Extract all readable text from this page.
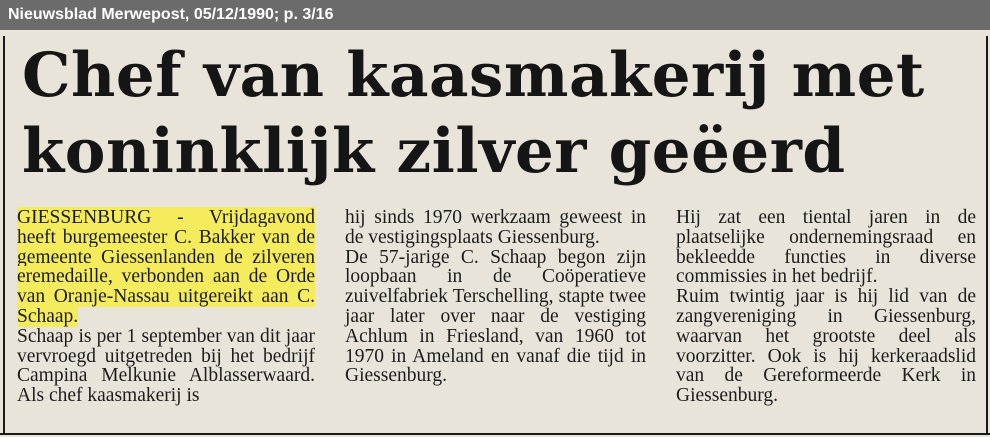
Nieuwsblad Merwepost, 05/12/1990; p. 3/16
Chef van kaasmakerij met koninklijk zilver geëerd

GIESSENBURG - Vrijdagavond heeft burgemeester C. Bakker van de gemeente Giessenlanden de zilveren eremedaille, verbonden aan de Orde van Oranje-Nassau uitgereikt aan C. Schaap.

Schaap is per 1 september van dit jaar vervroegd uitgetreden bij het bedrijf Campina Melkunie Alblasserwaard. Als chef kaasmakerij is

hij sinds 1970 werkzaam geweest in de vestigingsplaats Giessenburg.

De 57-jarige C. Schaap begon zijn loopbaan in de Coöperatieve zuivelfabriek Terschelling, stapte twee jaar later over naar de vestiging Achlum in Friesland, van 1960 tot 1970 in Ameland en vanaf die tijd in Giessenburg.

Hij zat een tiental jaren in de plaatselijke ondernemingsraad en bekleedde functies in diverse commissies in het bedrijf.

Ruim twintig jaar is hij lid van de zangvereniging in Giessenburg, waarvan het grootste deel als voorzitter. Ook is hij kerkeraadslid van de Gereformeerde Kerk in Giessenburg.
